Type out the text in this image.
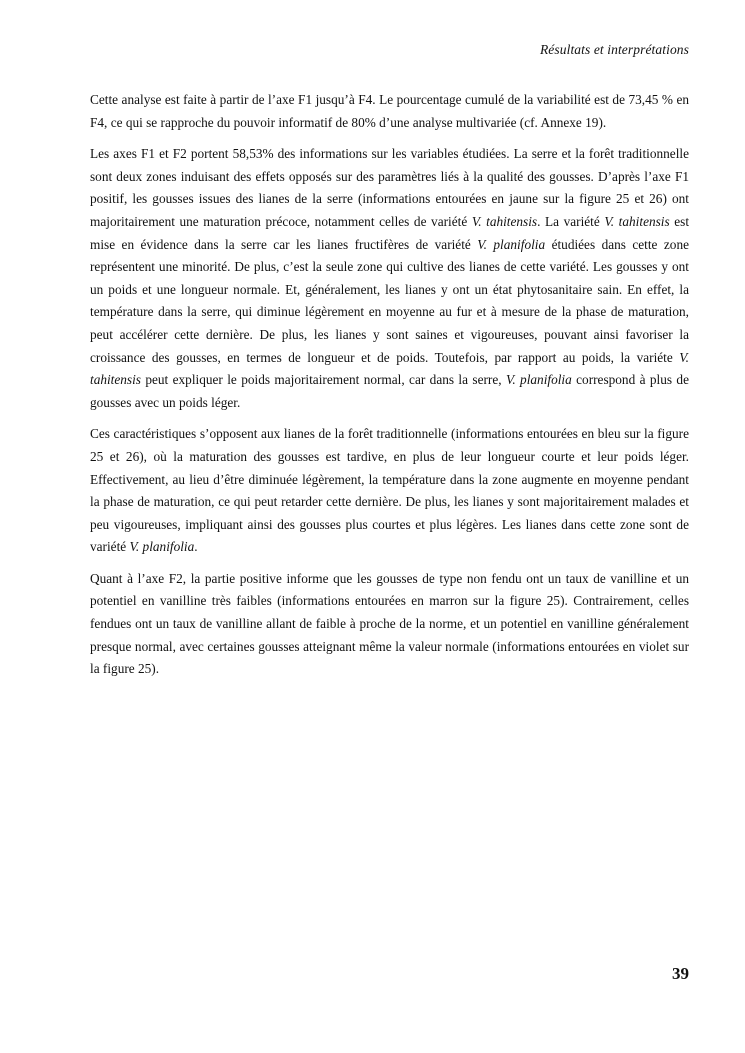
Résultats et interprétations

Cette analyse est faite à partir de l’axe F1 jusqu’à F4. Le pourcentage cumulé de la variabilité est de 73,45 % en F4, ce qui se rapproche du pouvoir informatif de 80% d’une analyse multivariée (cf. Annexe 19).

Les axes F1 et F2 portent 58,53% des informations sur les variables étudiées. La serre et la forêt traditionnelle sont deux zones induisant des effets opposés sur des paramètres liés à la qualité des gousses. D’après l’axe F1 positif, les gousses issues des lianes de la serre (informations entourées en jaune sur la figure 25 et 26) ont majoritairement une maturation précoce, notamment celles de variété V. tahitensis. La variété V. tahitensis est mise en évidence dans la serre car les lianes fructifères de variété V. planifolia étudiées dans cette zone représentent une minorité. De plus, c’est la seule zone qui cultive des lianes de cette variété. Les gousses y ont un poids et une longueur normale. Et, généralement, les lianes y ont un état phytosanitaire sain. En effet, la température dans la serre, qui diminue légèrement en moyenne au fur et à mesure de la phase de maturation, peut accélérer cette dernière. De plus, les lianes y sont saines et vigoureuses, pouvant ainsi favoriser la croissance des gousses, en termes de longueur et de poids. Toutefois, par rapport au poids, la variéte V. tahitensis peut expliquer le poids majoritairement normal, car dans la serre, V. planifolia correspond à plus de gousses avec un poids léger.

Ces caractéristiques s’opposent aux lianes de la forêt traditionnelle (informations entourées en bleu sur la figure 25 et 26), où la maturation des gousses est tardive, en plus de leur longueur courte et leur poids léger. Effectivement, au lieu d’être diminuée légèrement, la température dans la zone augmente en moyenne pendant la phase de maturation, ce qui peut retarder cette dernière. De plus, les lianes y sont majoritairement malades et peu vigoureuses, impliquant ainsi des gousses plus courtes et plus légères. Les lianes dans cette zone sont de variété V. planifolia.

Quant à l’axe F2, la partie positive informe que les gousses de type non fendu ont un taux de vanilline et un potentiel en vanilline très faibles (informations entourées en marron sur la figure 25). Contrairement, celles fendues ont un taux de vanilline allant de faible à proche de la norme, et un potentiel en vanilline généralement presque normal, avec certaines gousses atteignant même la valeur normale (informations entourées en violet sur la figure 25).

39
